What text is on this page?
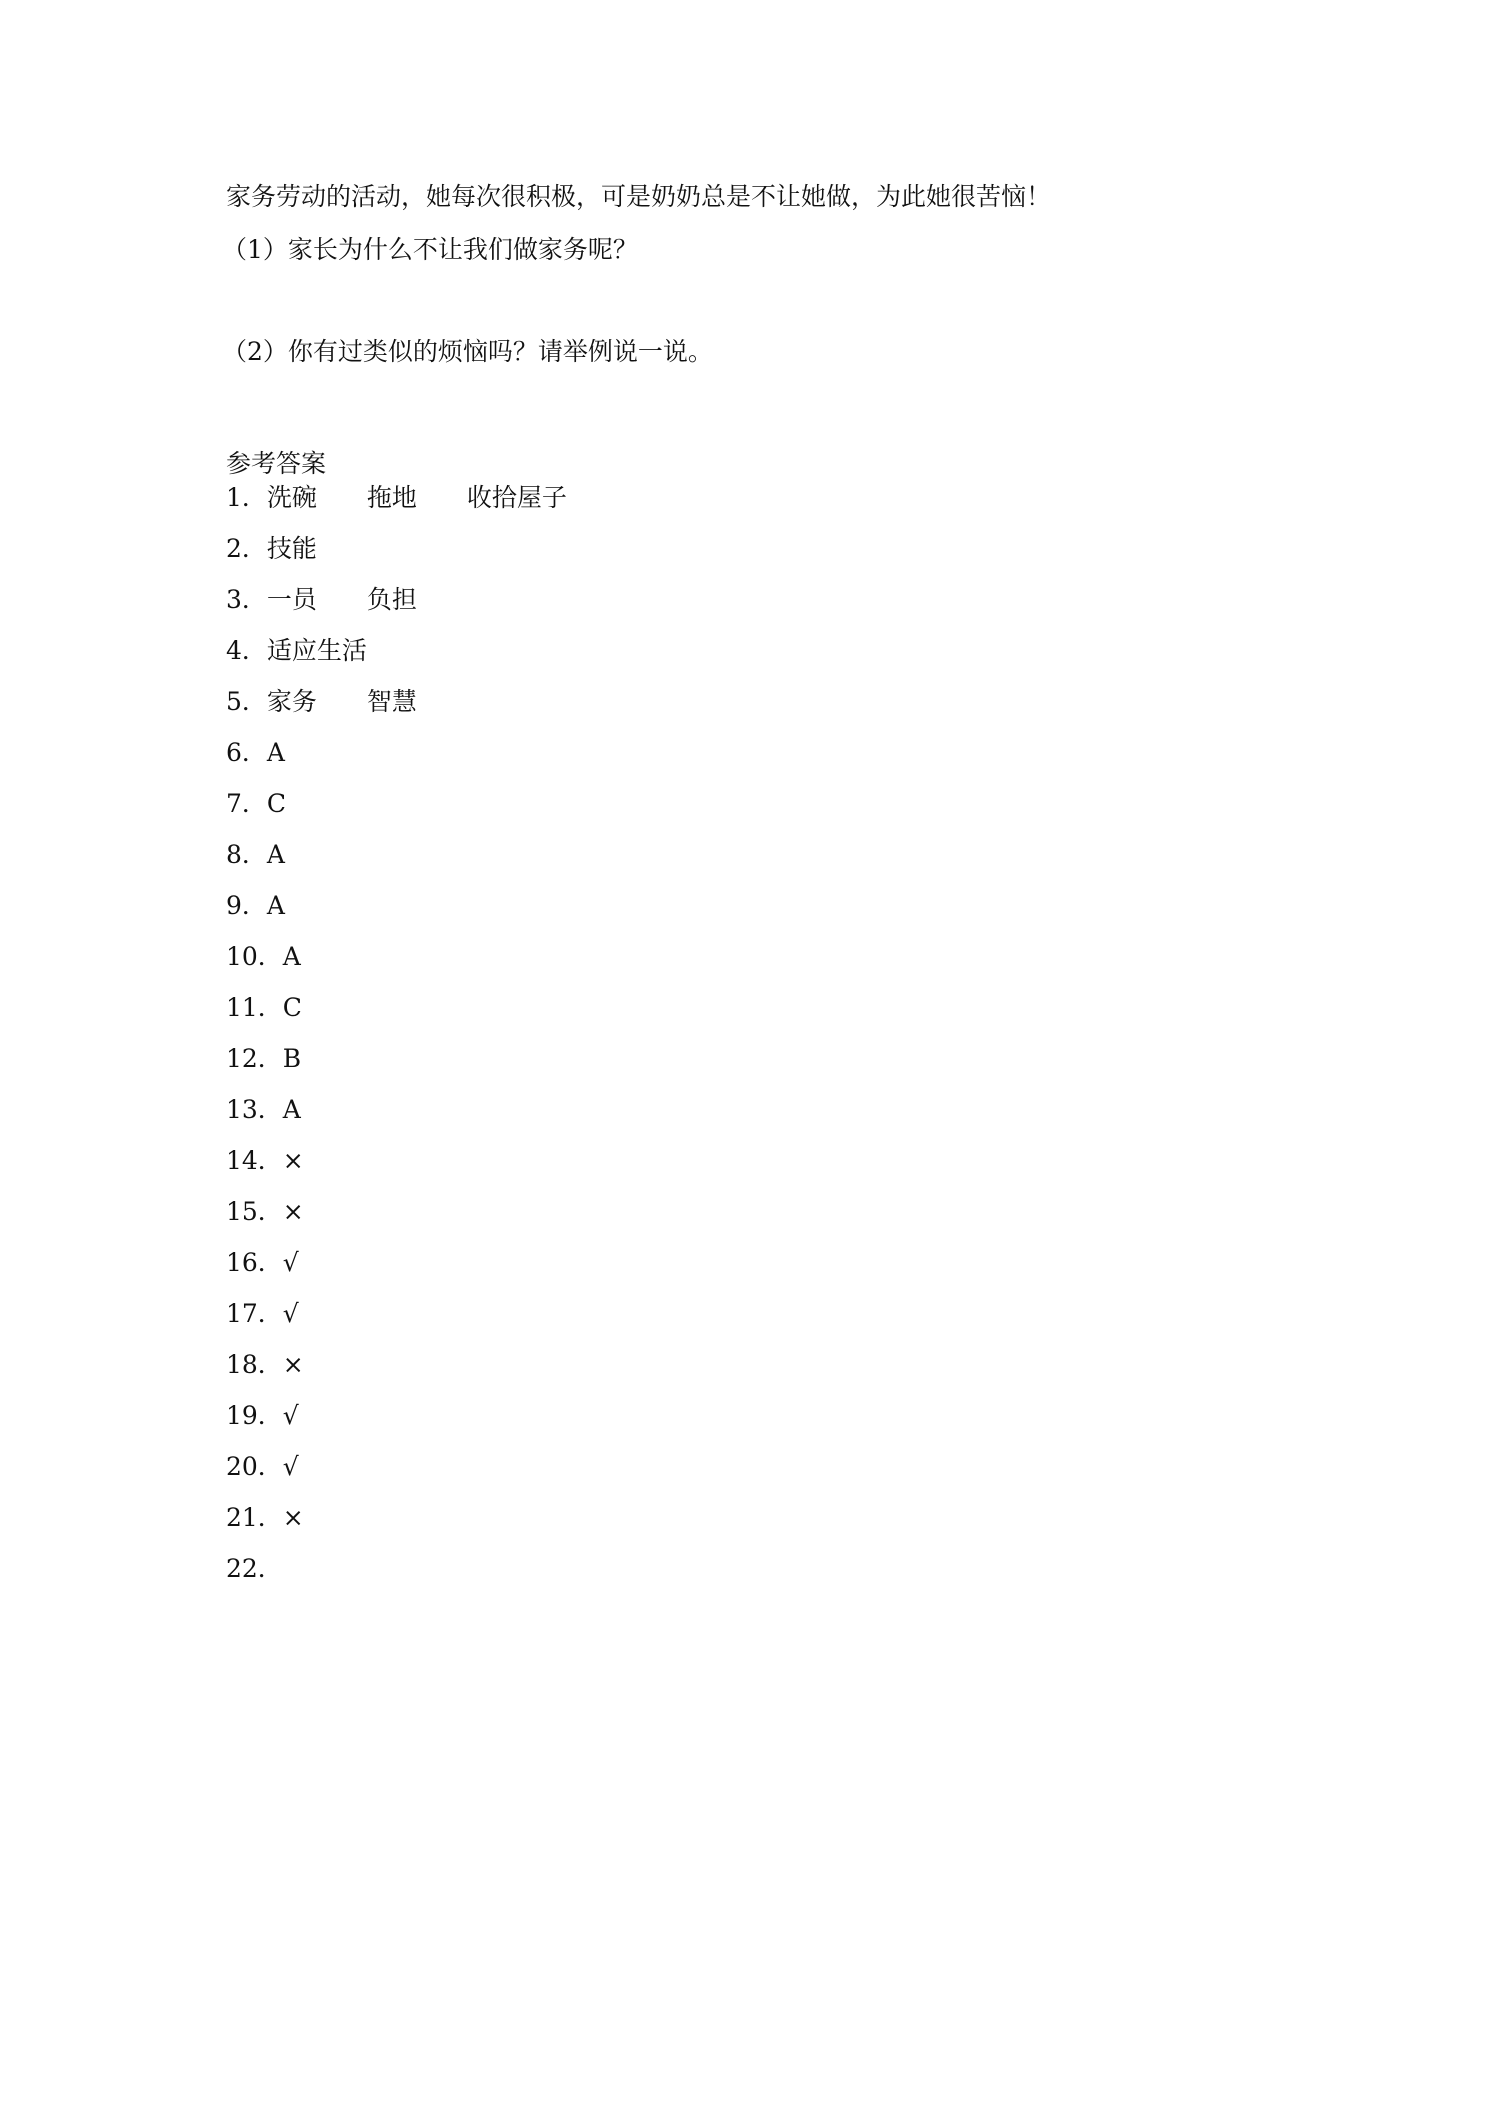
家务劳动的活动，她每次很积极，可是奶奶总是不让她做，为此她很苦恼！
（1）家长为什么不让我们做家务呢？
（2）你有过类似的烦恼吗？请举例说一说。
参考答案
1．洗碗　　拖地　　收拾屋子
2．技能
3．一员　　负担
4．适应生活
5．家务　　智慧
6．A
7．C
8．A
9．A
10．A
11．C
12．B
13．A
14．×
15．×
16．√
17．√
18．×
19．√
20．√
21．×
22．
